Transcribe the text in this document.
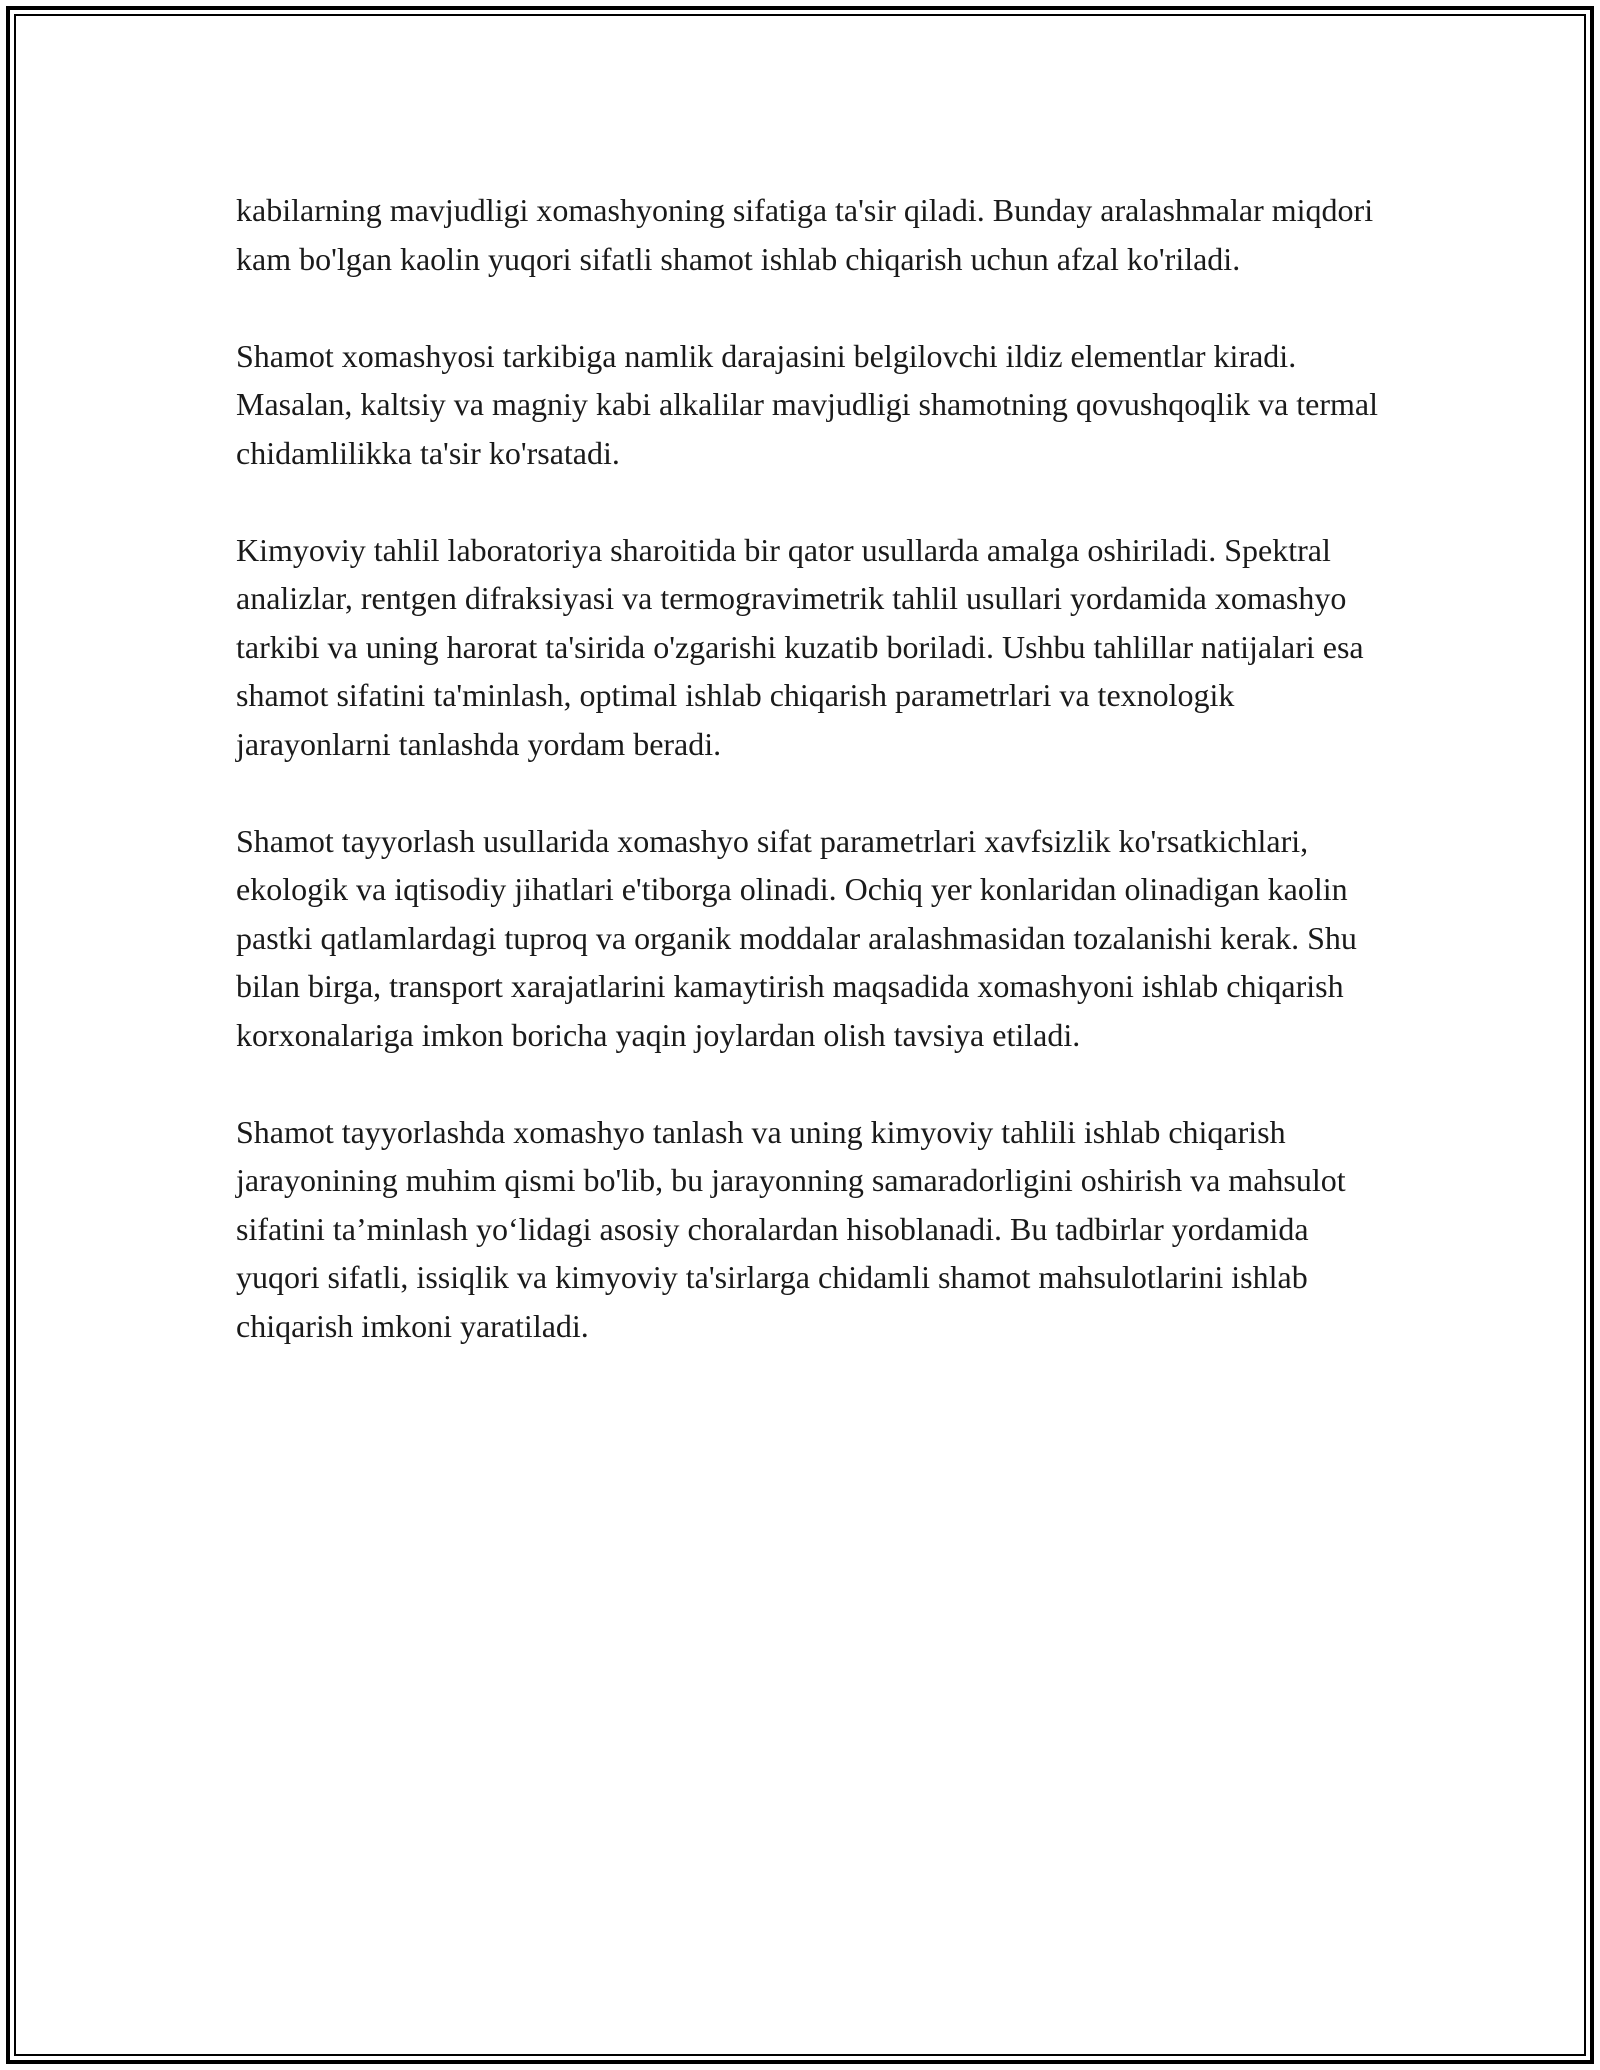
kabilarning mavjudligi xomashyoning sifatiga ta'sir qiladi. Bunday aralashmalar miqdori kam bo'lgan kaolin yuqori sifatli shamot ishlab chiqarish uchun afzal ko'riladi.

Shamot xomashyosi tarkibiga namlik darajasini belgilovchi ildiz elementlar kiradi. Masalan, kaltsiy va magniy kabi alkalilar mavjudligi shamotning qovushqoqlik va termal chidamlilikka ta'sir ko'rsatadi.

Kimyoviy tahlil laboratoriya sharoitida bir qator usullarda amalga oshiriladi. Spektral analizlar, rentgen difraksiyasi va termogravimetrik tahlil usullari yordamida xomashyo tarkibi va uning harorat ta'sirida o'zgarishi kuzatib boriladi. Ushbu tahlillar natijalari esa shamot sifatini ta'minlash, optimal ishlab chiqarish parametrlari va texnologik jarayonlarni tanlashda yordam beradi.

Shamot tayyorlash usullarida xomashyo sifat parametrlari xavfsizlik ko'rsatkichlari, ekologik va iqtisodiy jihatlari e'tiborga olinadi. Ochiq yer konlaridan olinadigan kaolin pastki qatlamlardagi tuproq va organik moddalar aralashmasidan tozalanishi kerak. Shu bilan birga, transport xarajatlarini kamaytirish maqsadida xomashyoni ishlab chiqarish korxonalariga imkon boricha yaqin joylardan olish tavsiya etiladi.

Shamot tayyorlashda xomashyo tanlash va uning kimyoviy tahlili ishlab chiqarish jarayonining muhim qismi bo'lib, bu jarayonning samaradorligini oshirish va mahsulot sifatini ta’minlash yo‘lidagi asosiy choralardan hisoblanadi. Bu tadbirlar yordamida yuqori sifatli, issiqlik va kimyoviy ta'sirlarga chidamli shamot mahsulotlarini ishlab chiqarish imkoni yaratiladi.
